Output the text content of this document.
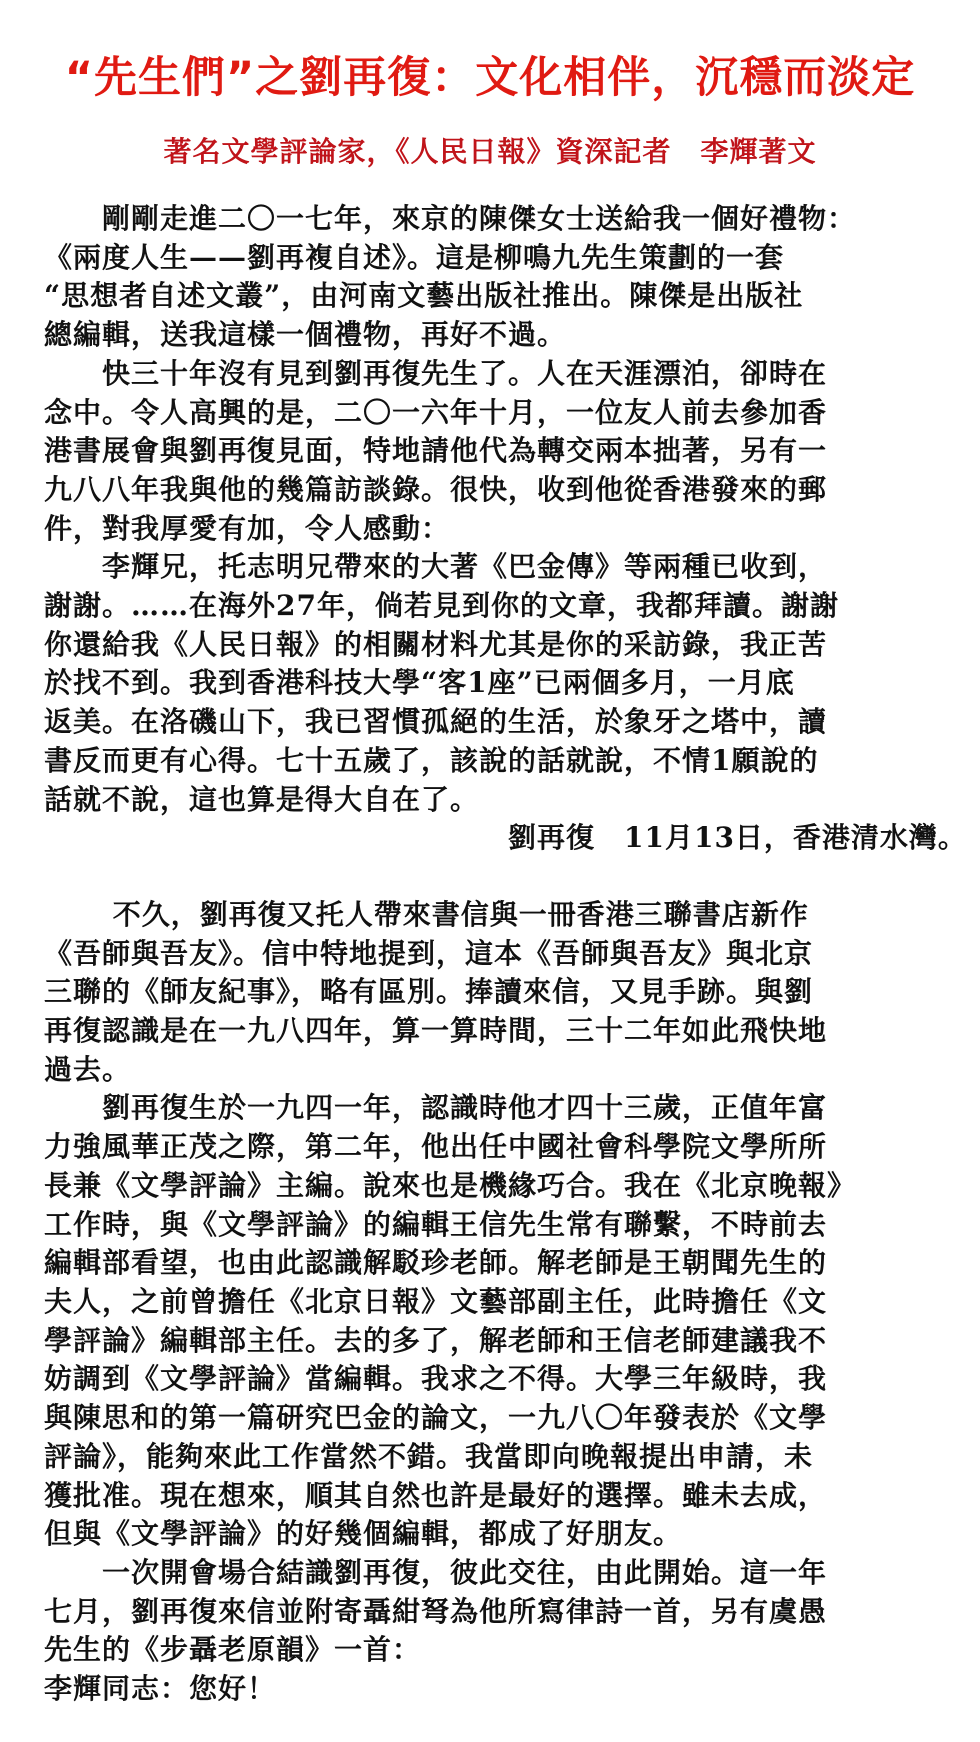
“先生們”之劉再復：文化相伴，沉穩而淡定
著名文學評論家，《人民日報》資深記者　李輝著文

　　剛剛走進二〇一七年，來京的陳傑女士送給我一個好禮物：

《兩度人生——劉再複自述》。這是柳鳴九先生策劃的一套

“思想者自述文叢”，由河南文藝出版社推出。陳傑是出版社

總編輯，送我這樣一個禮物，再好不過。

　　快三十年沒有見到劉再復先生了。人在天涯漂泊，卻時在

念中。令人高興的是，二〇一六年十月，一位友人前去參加香

港書展會與劉再復見面，特地請他代為轉交兩本拙著，另有一

九八八年我與他的幾篇訪談錄。很快，收到他從香港發來的郵

件，對我厚愛有加，令人感動：

　　李輝兄，托志明兄帶來的大著《巴金傳》等兩種已收到，

謝謝。……在海外27年，倘若見到你的文章，我都拜讀。謝謝

你還給我《人民日報》的相關材料尤其是你的采訪錄，我正苦

於找不到。我到香港科技大學“客1座”已兩個多月，一月底

返美。在洛磯山下，我已習慣孤絕的生活，於象牙之塔中，讀

書反而更有心得。七十五歲了，該說的話就說，不情1願說的

話就不說，這也算是得大自在了。

　　　　　　　　　　　　　　　　劉再復　11月13日，香港清水灣。

　　 不久，劉再復又托人帶來書信與一冊香港三聯書店新作

《吾師與吾友》。信中特地提到，這本《吾師與吾友》與北京

三聯的《師友紀事》，略有區別。捧讀來信，又見手跡。與劉

再復認識是在一九八四年，算一算時間，三十二年如此飛快地

過去。

　　劉再復生於一九四一年，認識時他才四十三歲，正值年富

力強風華正茂之際，第二年，他出任中國社會科學院文學所所

長兼《文學評論》主編。說來也是機緣巧合。我在《北京晚報》

工作時，與《文學評論》的編輯王信先生常有聯繫，不時前去

編輯部看望，也由此認識解駁珍老師。解老師是王朝聞先生的

夫人，之前曾擔任《北京日報》文藝部副主任，此時擔任《文

學評論》編輯部主任。去的多了，解老師和王信老師建議我不

妨調到《文學評論》當編輯。我求之不得。大學三年級時，我

與陳思和的第一篇研究巴金的論文，一九八〇年發表於《文學

評論》，能夠來此工作當然不錯。我當即向晚報提出申請，未

獲批准。現在想來，順其自然也許是最好的選擇。雖未去成，

但與《文學評論》的好幾個編輯，都成了好朋友。

　　一次開會場合結識劉再復，彼此交往，由此開始。這一年

七月，劉再復來信並附寄聶紺弩為他所寫律詩一首，另有虞愚

先生的《步聶老原韻》一首：

李輝同志：您好！
